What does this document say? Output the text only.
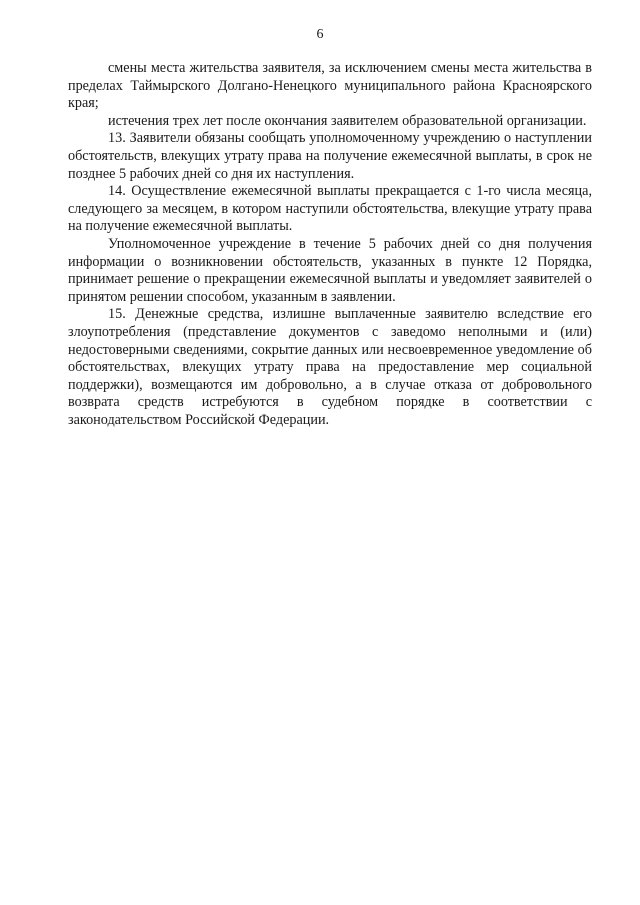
6

смены места жительства заявителя, за исключением смены места жительства в пределах Таймырского Долгано-Ненецкого муниципального района Красноярского края;

истечения трех лет после окончания заявителем образовательной организации.

13. Заявители обязаны сообщать уполномоченному учреждению о наступлении обстоятельств, влекущих утрату права на получение ежемесячной выплаты, в срок не позднее 5 рабочих дней со дня их наступления.

14. Осуществление ежемесячной выплаты прекращается с 1-го числа месяца, следующего за месяцем, в котором наступили обстоятельства, влекущие утрату права на получение ежемесячной выплаты.

Уполномоченное учреждение в течение 5 рабочих дней со дня получения информации о возникновении обстоятельств, указанных в пункте 12 Порядка, принимает решение о прекращении ежемесячной выплаты и уведомляет заявителей о принятом решении способом, указанным в заявлении.

15. Денежные средства, излишне выплаченные заявителю вследствие его злоупотребления (представление документов с заведомо неполными и (или) недостоверными сведениями, сокрытие данных или несвоевременное уведомление об обстоятельствах, влекущих утрату права на предоставление мер социальной поддержки), возмещаются им добровольно, а в случае отказа от добровольного возврата средств истребуются в судебном порядке в соответствии с законодательством Российской Федерации.
